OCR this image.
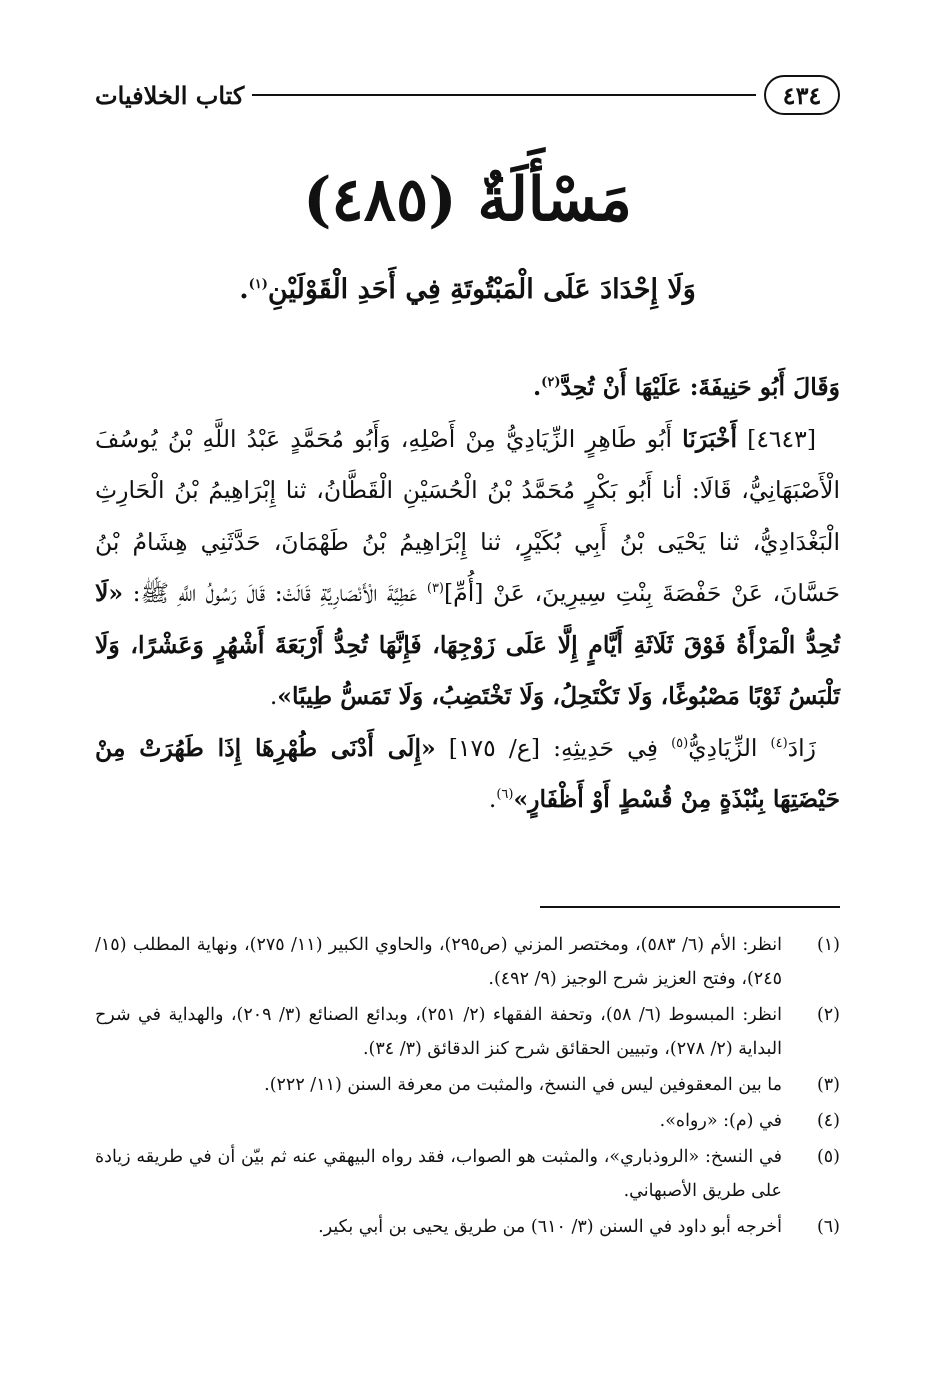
٤٣٤
كتاب الخلافيات
مَسْأَلَةٌ (٤٨٥)
وَلَا إِحْدَادَ عَلَى الْمَبْتُوتَةِ فِي أَحَدِ الْقَوْلَيْنِ$^{(١)}$.

وَقَالَ أَبُو حَنِيفَةَ: عَلَيْهَا أَنْ تُحِدَّ$^{(٢)}$.

[٤٦٤٣] أَخْبَرَنَا أَبُو طَاهِرٍ الزِّيَادِيُّ مِنْ أَصْلِهِ، وَأَبُو مُحَمَّدٍ عَبْدُ اللَّهِ بْنُ يُوسُفَ الْأَصْبَهَانِيُّ، قَالَا: أنا أَبُو بَكْرٍ مُحَمَّدُ بْنُ الْحُسَيْنِ الْقَطَّانُ، ثنا إِبْرَاهِيمُ بْنُ الْحَارِثِ الْبَغْدَادِيُّ، ثنا يَحْيَى بْنُ أَبِي بُكَيْرٍ، ثنا إِبْرَاهِيمُ بْنُ طَهْمَانَ، حَدَّثَنِي هِشَامُ بْنُ حَسَّانَ، عَنْ حَفْصَةَ بِنْتِ سِيرِينَ، عَنْ [أُمِّ]$^{(٣)}$ عَطِيَّةَ الْأَنْصَارِيَّةِ قَالَتْ: قَالَ رَسُولُ اللَّهِ ﷺ: «لَا تُحِدُّ الْمَرْأَةُ فَوْقَ ثَلَاثَةِ أَيَّامٍ إِلَّا عَلَى زَوْجِهَا، فَإِنَّهَا تُحِدُّ أَرْبَعَةَ أَشْهُرٍ وَعَشْرًا، وَلَا تَلْبَسُ ثَوْبًا مَصْبُوغًا، وَلَا تَكْتَحِلُ، وَلَا تَخْتَضِبُ، وَلَا تَمَسُّ طِيبًا».

زَادَ$^{(٤)}$ الزِّيَادِيُّ$^{(٥)}$ فِي حَدِيثِهِ: [ع/ ١٧٥] «إِلَى أَدْنَى طُهْرِهَا إِذَا طَهُرَتْ مِنْ حَيْضَتِهَا بِنُبْذَةٍ مِنْ قُسْطٍ أَوْ أَظْفَارٍ»$^{(٦)}$.

(١)
انظر: الأم (٦/ ٥٨٣)، ومختصر المزني (ص٢٩٥)، والحاوي الكبير (١١/ ٢٧٥)، ونهاية المطلب (١٥/ ٢٤٥)، وفتح العزيز شرح الوجيز (٩/ ٤٩٢).
(٢)
انظر: المبسوط (٦/ ٥٨)، وتحفة الفقهاء (٢/ ٢٥١)، وبدائع الصنائع (٣/ ٢٠٩)، والهداية في شرح البداية (٢/ ٢٧٨)، وتبيين الحقائق شرح كنز الدقائق (٣/ ٣٤).
(٣)
ما بين المعقوفين ليس في النسخ، والمثبت من معرفة السنن (١١/ ٢٢٢).
(٤)
في (م): «رواه».
(٥)
في النسخ: «الروذباري»، والمثبت هو الصواب، فقد رواه البيهقي عنه ثم بيّن أن في طريقه زيادة على طريق الأصبهاني.
(٦)
أخرجه أبو داود في السنن (٣/ ٦١٠) من طريق يحيى بن أبي بكير.
